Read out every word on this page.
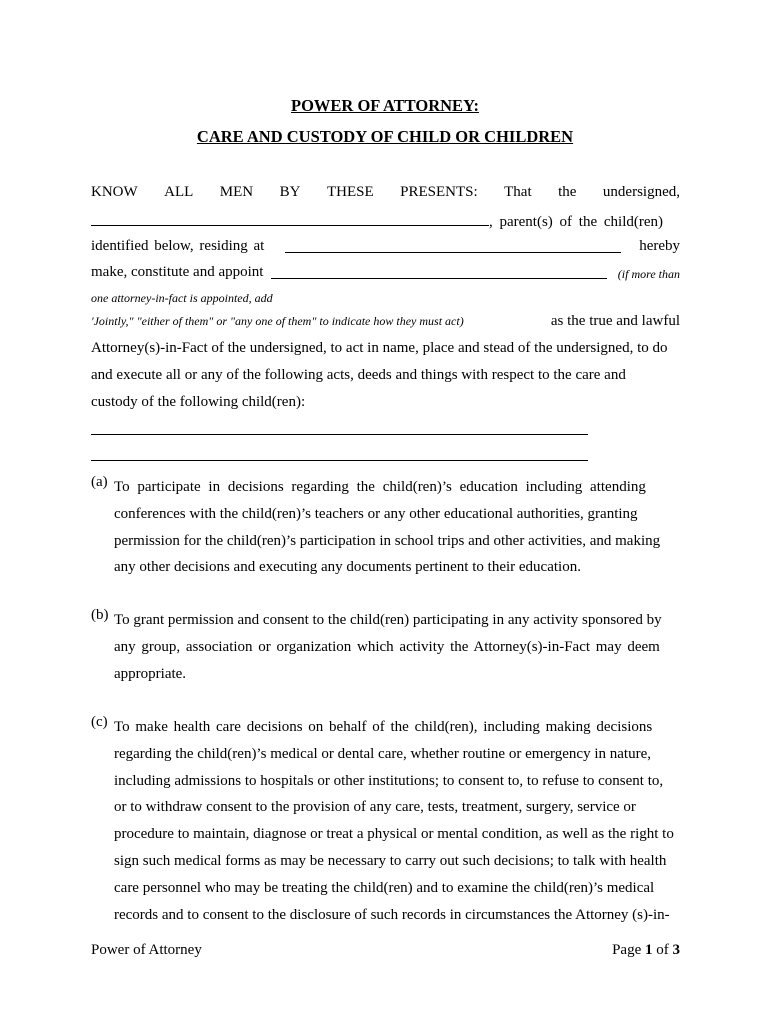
POWER OF ATTORNEY:
CARE AND CUSTODY OF CHILD OR CHILDREN
KNOW ALL MEN BY THESE PRESENTS: That the undersigned,
, parent(s) of the child(ren)
identified below, residing at	hereby
make, constitute and appoint	(if more than
one attorney-in-fact is appointed, add
'Jointly," "either of them" or "any one of them" to indicate how they must act)	as the true and lawful
Attorney(s)-in-Fact of the undersigned, to act in name, place and stead of the undersigned, to do
and execute all or any of the following acts, deeds and things with respect to the care and
custody of the following child(ren):
(a) To participate in decisions regarding the child(ren)’s education including attending
conferences with the child(ren)’s teachers or any other educational authorities, granting
permission for the child(ren)’s participation in school trips and other activities, and making
any other decisions and executing any documents pertinent to their education.
(b) To grant permission and consent to the child(ren) participating in any activity sponsored by
any group, association or organization which activity the Attorney(s)-in-Fact may deem
appropriate.
(c) To make health care decisions on behalf of the child(ren), including making decisions
regarding the child(ren)’s medical or dental care, whether routine or emergency in nature,
including admissions to hospitals or other institutions; to consent to, to refuse to consent to,
or to withdraw consent to the provision of any care, tests, treatment, surgery, service or
procedure to maintain, diagnose or treat a physical or mental condition, as well as the right to
sign such medical forms as may be necessary to carry out such decisions; to talk with health
care personnel who may be treating the child(ren) and to examine the child(ren)’s medical
records and to consent to the disclosure of such records in circumstances the Attorney (s)-in-
Power of Attorney	Page 1 of 3
